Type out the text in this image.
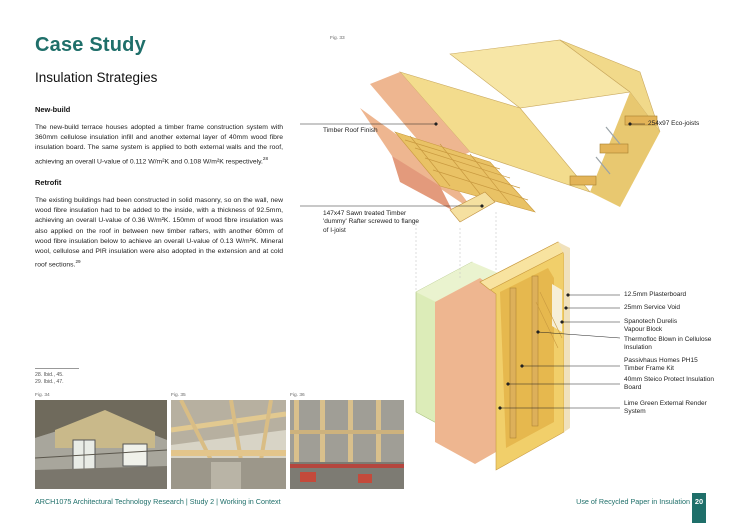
Case Study
Insulation Strategies
New-build

The new-build terrace houses adopted a timber frame construction system with 360mm cellulose insulation infill and another external layer of 40mm wood fibre insulation board. The same system is applied to both external walls and the roof, achieving an overall U-value of 0.112 W/m²K and 0.108 W/m²K respectively.$^{28}$

Retrofit

The existing buildings had been constructed in solid masonry, so on the wall, new wood fibre insulation had to be added to the inside, with a thickness of 92.5mm, achieving an overall U-value of 0.36 W/m²K. 150mm of wood fibre insulation was also applied on the roof in between new timber rafters, with another 60mm of wood fibre insulation below to achieve an overall U-value of 0.13 W/m²K. Mineral wool, cellulose and PIR insulation were also adopted in the extension and at cold roof sections.$^{29}$

28. Ibid., 45.
29. Ibid., 47.
Fig. 33
Fig. 34	Fig. 35	Fig. 36
Timber Roof Finish
254x97 Eco-joists
147x47 Sawn treated Timber 'dummy' Rafter screwed to flange of I-joist
12.5mm Plasterboard
25mm Service Void
Spanotech Durelis Vapour Block
Thermofloc Blown in Cellulose Insulation
Passivhaus Homes PH15 Timber Frame Kit
40mm Steico Protect Insulation Board
Lime Green External Render System
ARCH1075 Architectural Technology Research | Study 2 | Working in Context	Use of Recycled Paper in Insulation 20
